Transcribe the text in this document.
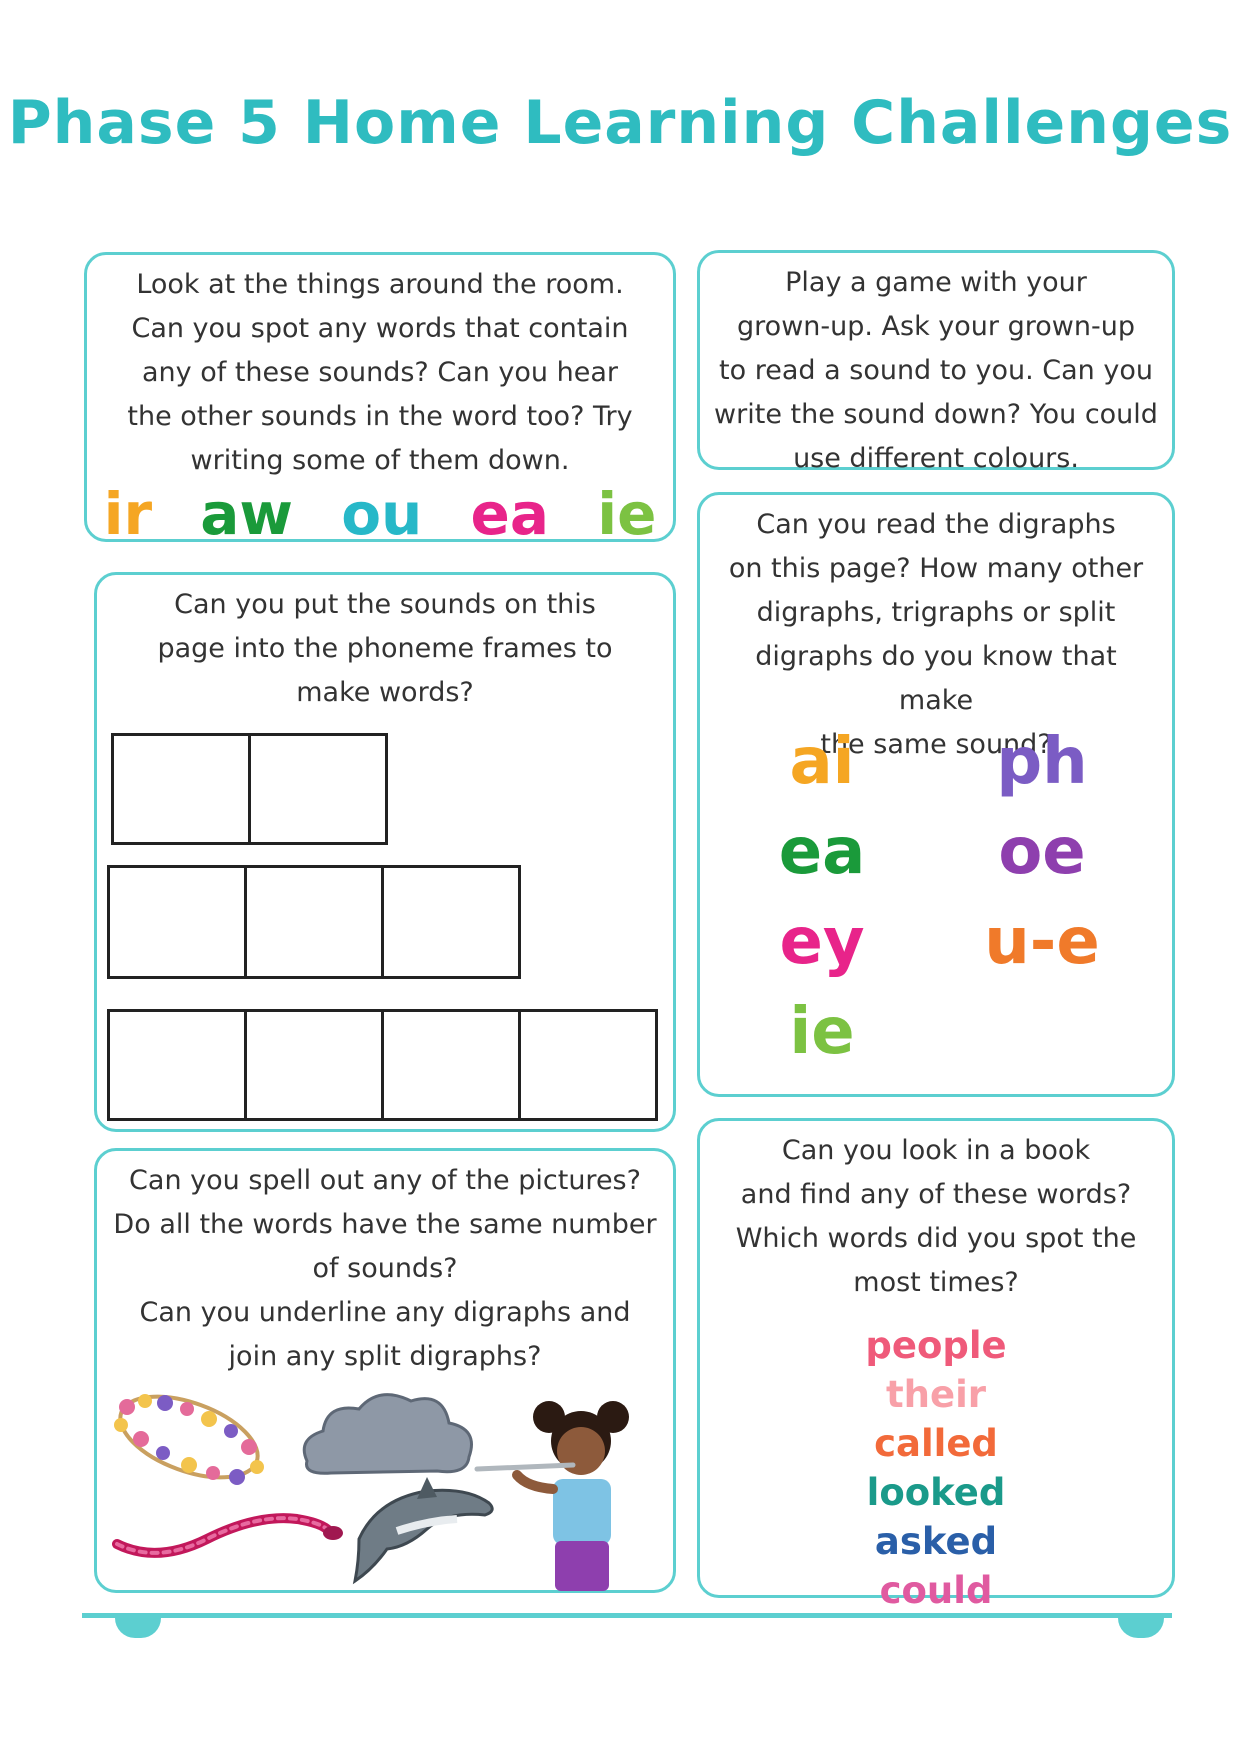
Phase 5 Home Learning Challenges
Look at the things around the room.
Can you spot any words that contain
any of these sounds? Can you hear
the other sounds in the word too? Try
writing some of them down.
ir aw ou ea ie
Play a game with your
grown-up. Ask your grown-up
to read a sound to you. Can you
write the sound down? You could
use different colours.
Can you put the sounds on this
page into the phoneme frames to
make words?
Can you read the digraphs
on this page? How many other
digraphs, trigraphs or split
digraphs do you know that make
the same sound?
ai	ph
ea	oe
ey	u-e
ie
Can you spell out any of the pictures?
Do all the words have the same number
of sounds?
Can you underline any digraphs and
join any split digraphs?
Can you look in a book
and find any of these words?
Which words did you spot the
most times?
people
their
called
looked
asked
could
